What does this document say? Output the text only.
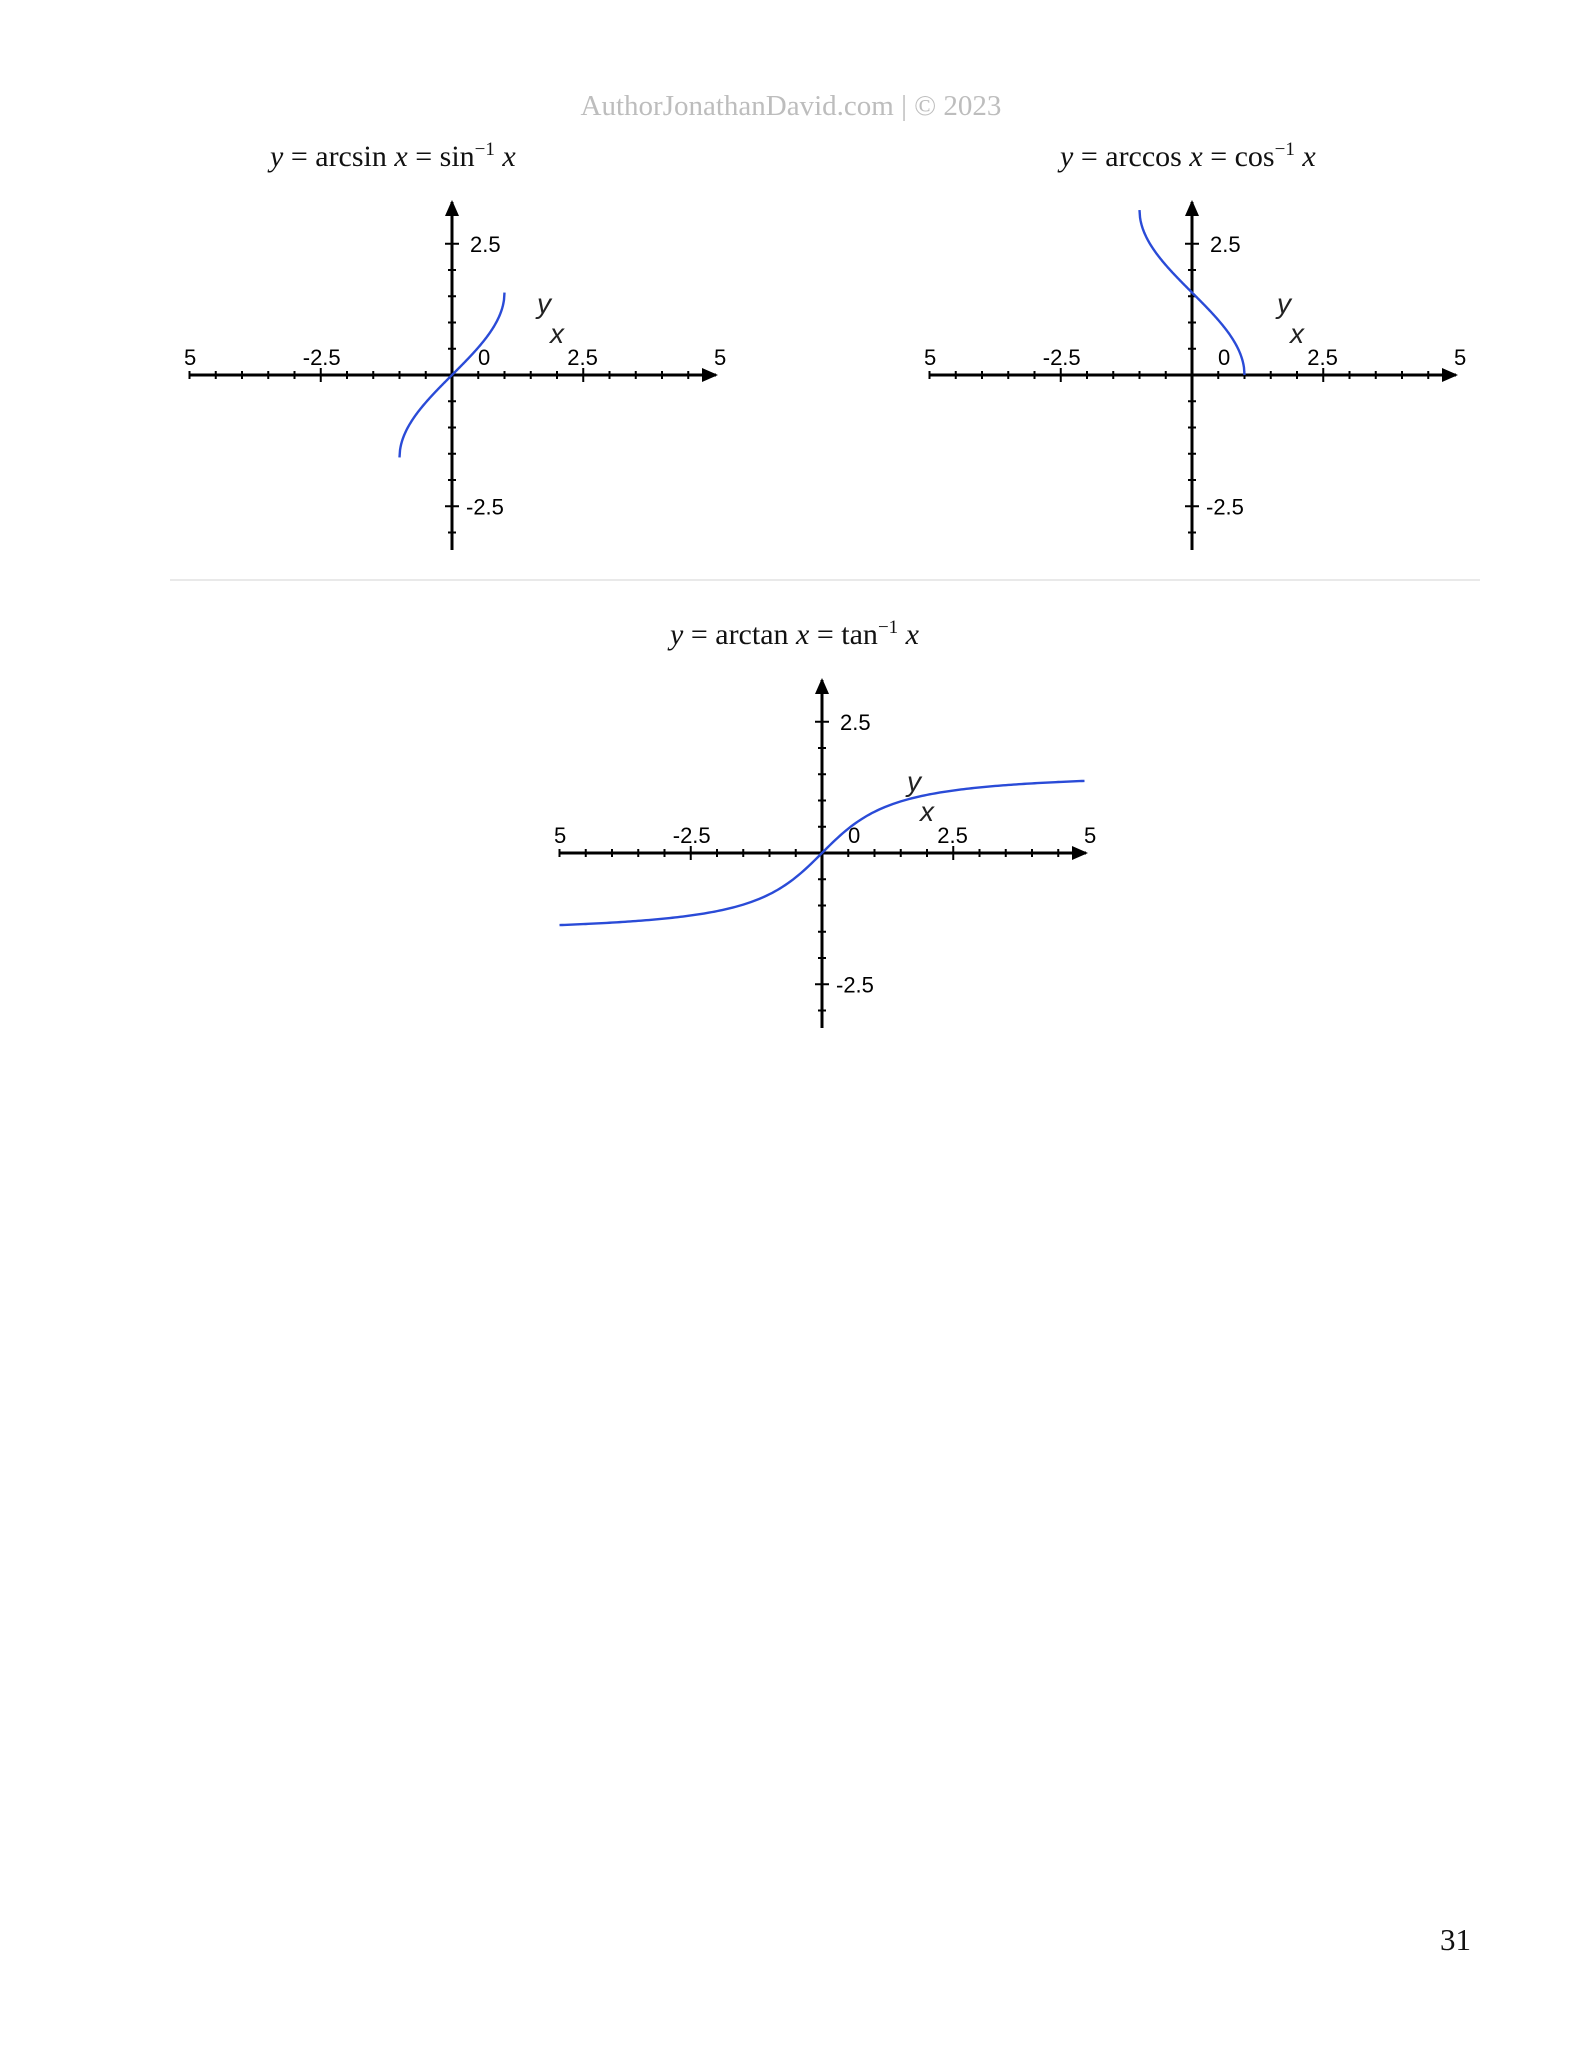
AuthorJonathanDavid.com | © 2023
$y = \arcsin x = \sin^{-1} x$
-2.5	0	2.5
5	5
2.5
-2.5
y
x
$y = \arccos x = \cos^{-1} x$
-2.5	0	2.5
5	5
2.5
-2.5
y
x
$y = \arctan x = \tan^{-1} x$
-2.5	0	2.5
5	5
2.5
-2.5
y
x
31
